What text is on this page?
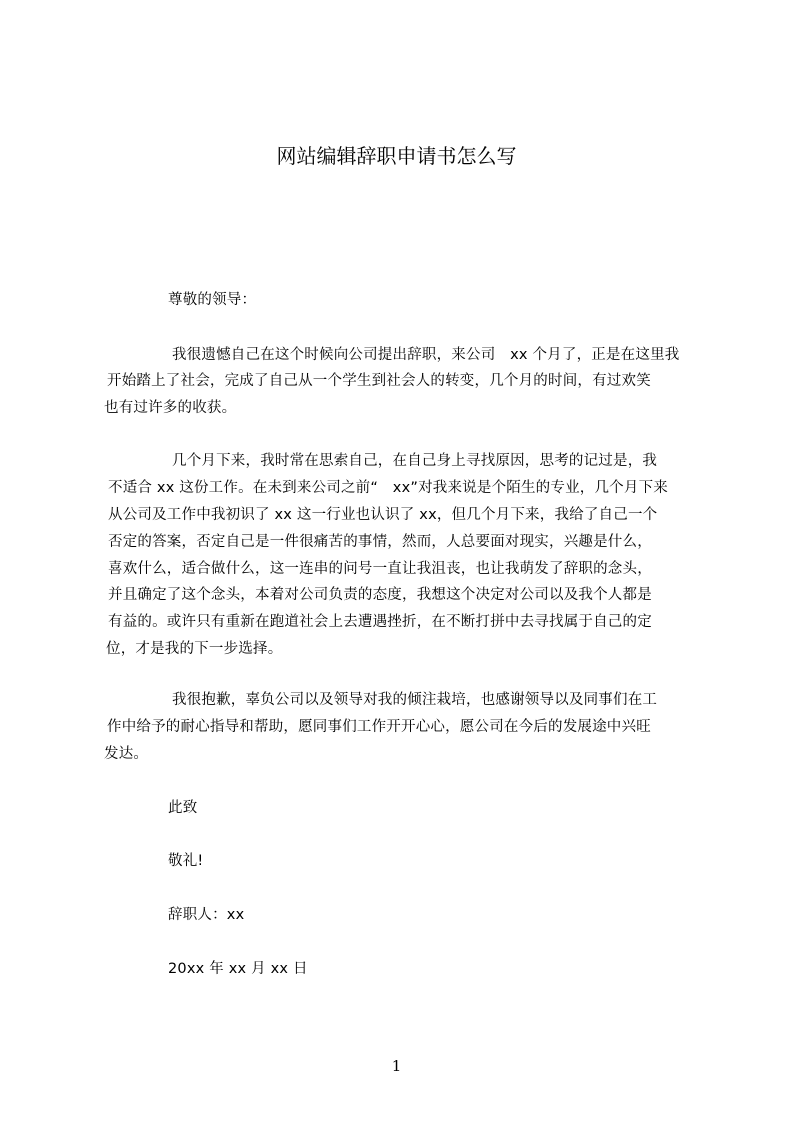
网站编辑辞职申请书怎么写
尊敬的领导：
我很遗憾自己在这个时候向公司提出辞职，来公司　xx 个月了，正是在这里我
开始踏上了社会，完成了自己从一个学生到社会人的转变，几个月的时间，有过欢笑
也有过许多的收获。
几个月下来，我时常在思索自己，在自己身上寻找原因，思考的记过是，我
不适合 xx 这份工作。在未到来公司之前“　xx”对我来说是个陌生的专业，几个月下来
从公司及工作中我初识了 xx 这一行业也认识了 xx，但几个月下来，我给了自己一个
否定的答案，否定自己是一件很痛苦的事情，然而，人总要面对现实，兴趣是什么，
喜欢什么，适合做什么，这一连串的问号一直让我沮丧，也让我萌发了辞职的念头，
并且确定了这个念头，本着对公司负责的态度，我想这个决定对公司以及我个人都是
有益的。或许只有重新在跑道社会上去遭遇挫折，在不断打拼中去寻找属于自己的定
位，才是我的下一步选择。
我很抱歉，辜负公司以及领导对我的倾注栽培，也感谢领导以及同事们在工
作中给予的耐心指导和帮助，愿同事们工作开开心心，愿公司在今后的发展途中兴旺
发达。
此致
敬礼!
辞职人：xx
20xx 年 xx 月 xx 日
1
